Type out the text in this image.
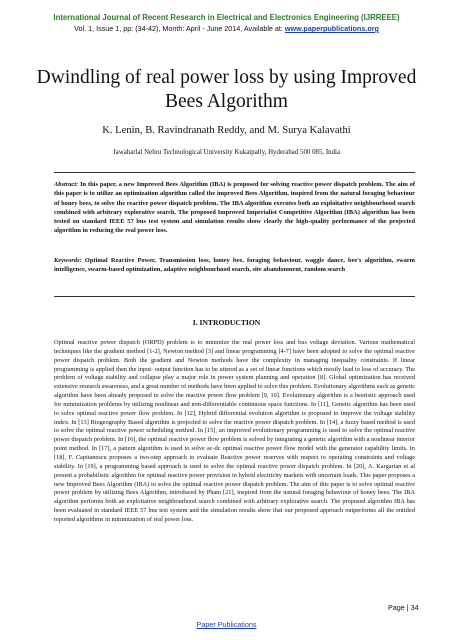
International Journal of Recent Research in Electrical and Electronics Engineering (IJRREEE)
Vol. 1, Issue 1, pp: (34-42), Month: April - June 2014, Available at: www.paperpublications.org
Dwindling of real power loss by using Improved Bees Algorithm
K. Lenin, B. Ravindranath Reddy, and M. Surya Kalavathi
Jawaharlal Nehru Technological University Kukatpally, Hyderabad 500 085, India
Abstract: In this paper, a new Improved Bees Algorithm (IBA) is proposed for solving reactive power dispatch problem. The aim of this paper is to utilize an optimization algorithm called the improved Bees Algorithm, inspired from the natural foraging behaviour of honey bees, to solve the reactive power dispatch problem. The IBA algorithm executes both an exploitative neighbourhood search combined with arbitrary explorative search. The proposed Improved Imperialist Competitive Algorithm (IBA) algorithm has been tested on standard IEEE 57 bus test system and simulation results show clearly the high-quality performance of the projected algorithm in reducing the real power loss.
Keywords: Optimal Reactive Power, Transmission loss, honey bee, foraging behaviour, waggle dance, bee's algorithm, swarm intelligence, swarm-based optimization, adaptive neighbourhood search, site abandonment, random search
I. INTRODUCTION

Optimal reactive power dispatch (ORPD) problem is to minimize the real power loss and bus voltage deviation. Various mathematical techniques like the gradient method [1-2], Newton method [3] and linear programming [4-7] have been adopted to solve the optimal reactive power dispatch problem. Both the gradient and Newton methods have the complexity in managing inequality constraints. If linear programming is applied then the input- output function has to be uttered as a set of linear functions which mostly lead to loss of accuracy. The problem of voltage stability and collapse play a major role in power system planning and operation [8]. Global optimization has received extensive research awareness, and a great number of methods have been applied to solve this problem. Evolutionary algorithms such as genetic algorithm have been already proposed to solve the reactive power flow problem [9, 10]. Evolutionary algorithm is a heuristic approach used for minimization problems by utilizing nonlinear and non-differentiable continuous space functions. In [11], Genetic algorithm has been used to solve optimal reactive power flow problem. In [12], Hybrid differential evolution algorithm is proposed to improve the voltage stability index. In [13] Biogeography Based algorithm is projected to solve the reactive power dispatch problem. In [14], a fuzzy based method is used to solve the optimal reactive power scheduling method. In [15], an improved evolutionary programming is used to solve the optimal reactive power dispatch problem. In [16], the optimal reactive power flow problem is solved by integrating a genetic algorithm with a nonlinear interior point method. In [17], a pattern algorithm is used to solve ac-dc optimal reactive power flow model with the generator capability limits. In [18], F. Capitanescu proposes a two-step approach to evaluate Reactive power reserves with respect to operating constraints and voltage stability. In [19], a programming based approach is used to solve the optimal reactive power dispatch problem. In [20], A. Kargarian et al present a probabilistic algorithm for optimal reactive power provision in hybrid electricity markets with uncertain loads. This paper proposes a new Improved Bees Algorithm (IBA) to solve the optimal reactive power dispatch problem. The aim of this paper is to solve optimal reactive power problem by utilizing Bees Algorithm, introduced by Pham [21], inspired from the natural foraging behaviour of honey bees. The IBA algorithm performs both an exploitative neighbourhood search combined with arbitrary explorative search. The proposed algorithm IBA has been evaluated in standard IEEE 57 bus test system and the simulation results show that our proposed approach outperforms all the entitled reported algorithms in minimization of real power loss.

Page | 34
Paper Publications
